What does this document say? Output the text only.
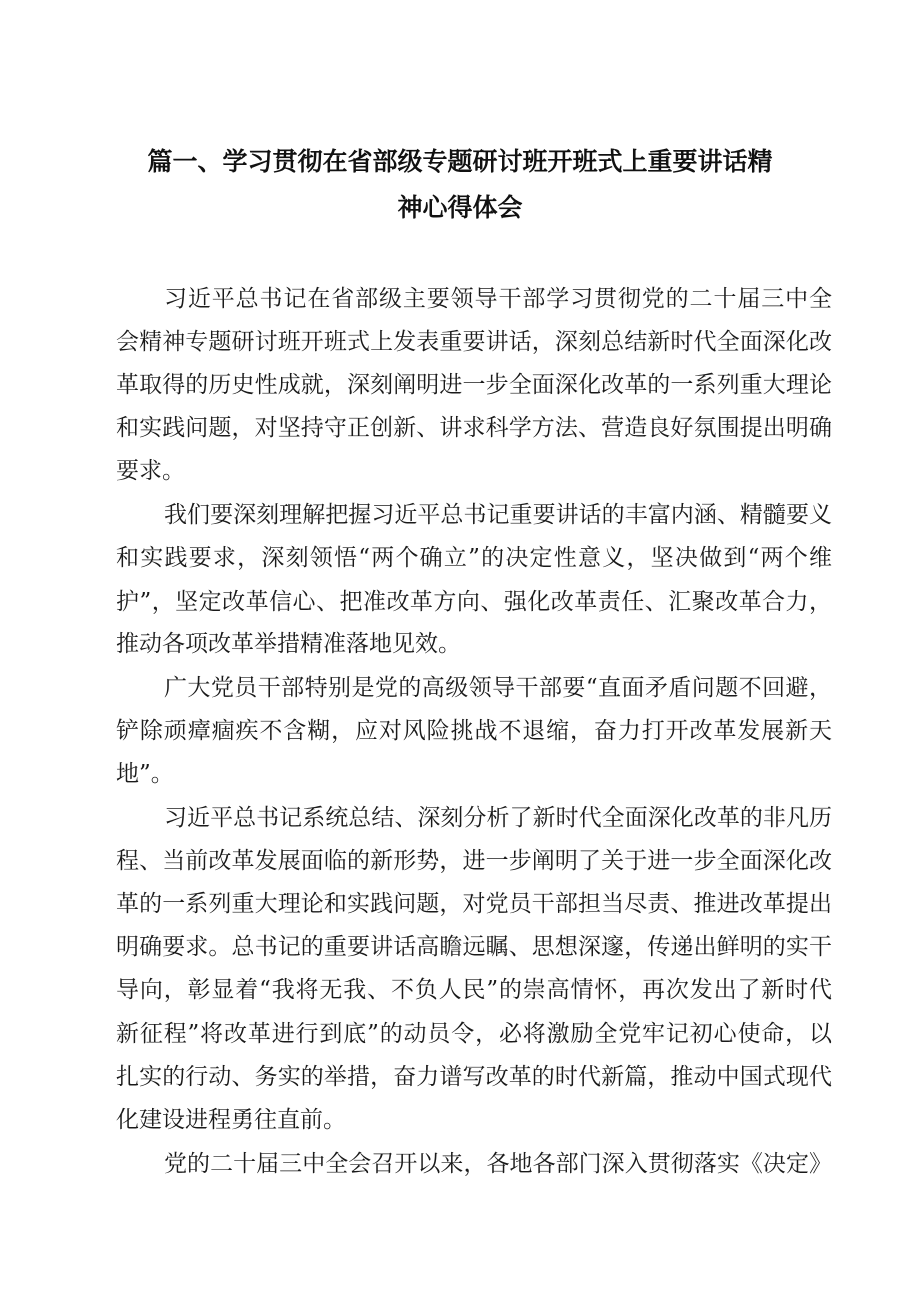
篇一、学习贯彻在省部级专题研讨班开班式上重要讲话精
神心得体会
习近平总书记在省部级主要领导干部学习贯彻党的二十届三中全
会精神专题研讨班开班式上发表重要讲话，深刻总结新时代全面深化改
革取得的历史性成就，深刻阐明进一步全面深化改革的一系列重大理论
和实践问题，对坚持守正创新、讲求科学方法、营造良好氛围提出明确
要求。
我们要深刻理解把握习近平总书记重要讲话的丰富内涵、精髓要义
和实践要求，深刻领悟“两个确立”的决定性意义，坚决做到“两个维
护”，坚定改革信心、把准改革方向、强化改革责任、汇聚改革合力，
推动各项改革举措精准落地见效。
广大党员干部特别是党的高级领导干部要“直面矛盾问题不回避，
铲除顽瘴痼疾不含糊，应对风险挑战不退缩，奋力打开改革发展新天
地”。
习近平总书记系统总结、深刻分析了新时代全面深化改革的非凡历
程、当前改革发展面临的新形势，进一步阐明了关于进一步全面深化改
革的一系列重大理论和实践问题，对党员干部担当尽责、推进改革提出
明确要求。总书记的重要讲话高瞻远瞩、思想深邃，传递出鲜明的实干
导向，彰显着“我将无我、不负人民”的崇高情怀，再次发出了新时代
新征程”将改革进行到底”的动员令，必将激励全党牢记初心使命，以
扎实的行动、务实的举措，奋力谱写改革的时代新篇，推动中国式现代
化建设进程勇往直前。
党的二十届三中全会召开以来，各地各部门深入贯彻落实《决定》
